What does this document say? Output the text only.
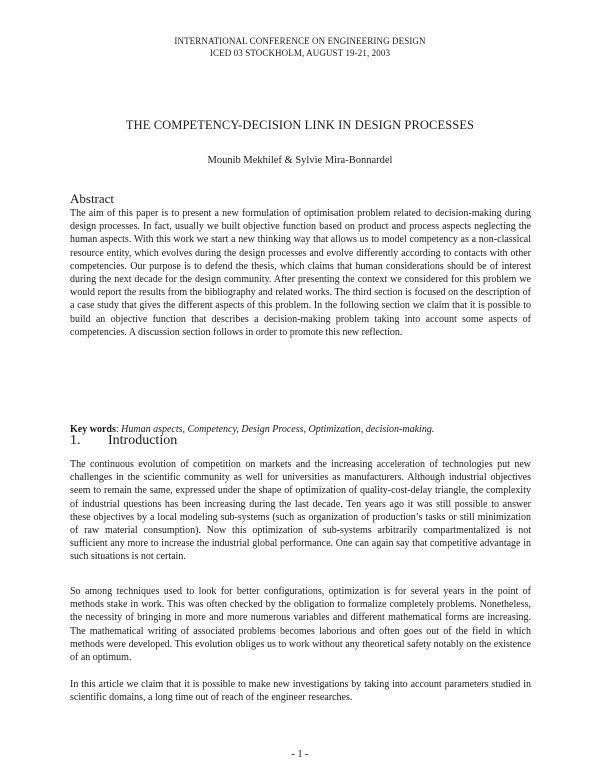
INTERNATIONAL CONFERENCE ON ENGINEERING DESIGN
ICED 03 STOCKHOLM, AUGUST 19-21, 2003
THE COMPETENCY-DECISION LINK IN DESIGN PROCESSES
Mounib Mekhilef & Sylvie Mira-Bonnardel
Abstract

The aim of this paper is to present a new formulation of optimisation problem related to decision-making during design processes. In fact, usually we built objective function based on product and process aspects neglecting the human aspects. With this work we start a new thinking way that allows us to model competency as a non-classical resource entity, which evolves during the design processes and evolve differently according to contacts with other competencies. Our purpose is to defend the thesis, which claims that human considerations should be of interest during the next decade for the design community. After presenting the context we considered for this problem we would report the results from the bibliography and related works. The third section is focused on the description of a case study that gives the different aspects of this problem. In the following section we claim that it is possible to build an objective function that describes a decision-making problem taking into account some aspects of competencies. A discussion section follows in order to promote this new reflection.

Key words: Human aspects, Competency, Design Process, Optimization, decision-making.
1. Introduction

The continuous evolution of competition on markets and the increasing acceleration of technologies put new challenges in the scientific community as well for universities as manufacturers. Although industrial objectives seem to remain the same, expressed under the shape of optimization of quality-cost-delay triangle, the complexity of industrial questions has been increasing during the last decade. Ten years ago it was still possible to answer these objectives by a local modeling sub-systems (such as organization of production’s tasks or still minimization of raw material consumption). Now this optimization of sub-systems arbitrarily compartmentalized is not sufficient any more to increase the industrial global performance. One can again say that competitive advantage in such situations is not certain.

So among techniques used to look for better configurations, optimization is for several years in the point of methods stake in work. This was often checked by the obligation to formalize completely problems. Nonetheless, the necessity of bringing in more and more numerous variables and different mathematical forms are increasing. The mathematical writing of associated problems becomes laborious and often goes out of the field in which methods were developed. This evolution obliges us to work without any theoretical safety notably on the existence of an optimum.

In this article we claim that it is possible to make new investigations by taking into account parameters studied in scientific domains, a long time out of reach of the engineer researches.

- 1 -
